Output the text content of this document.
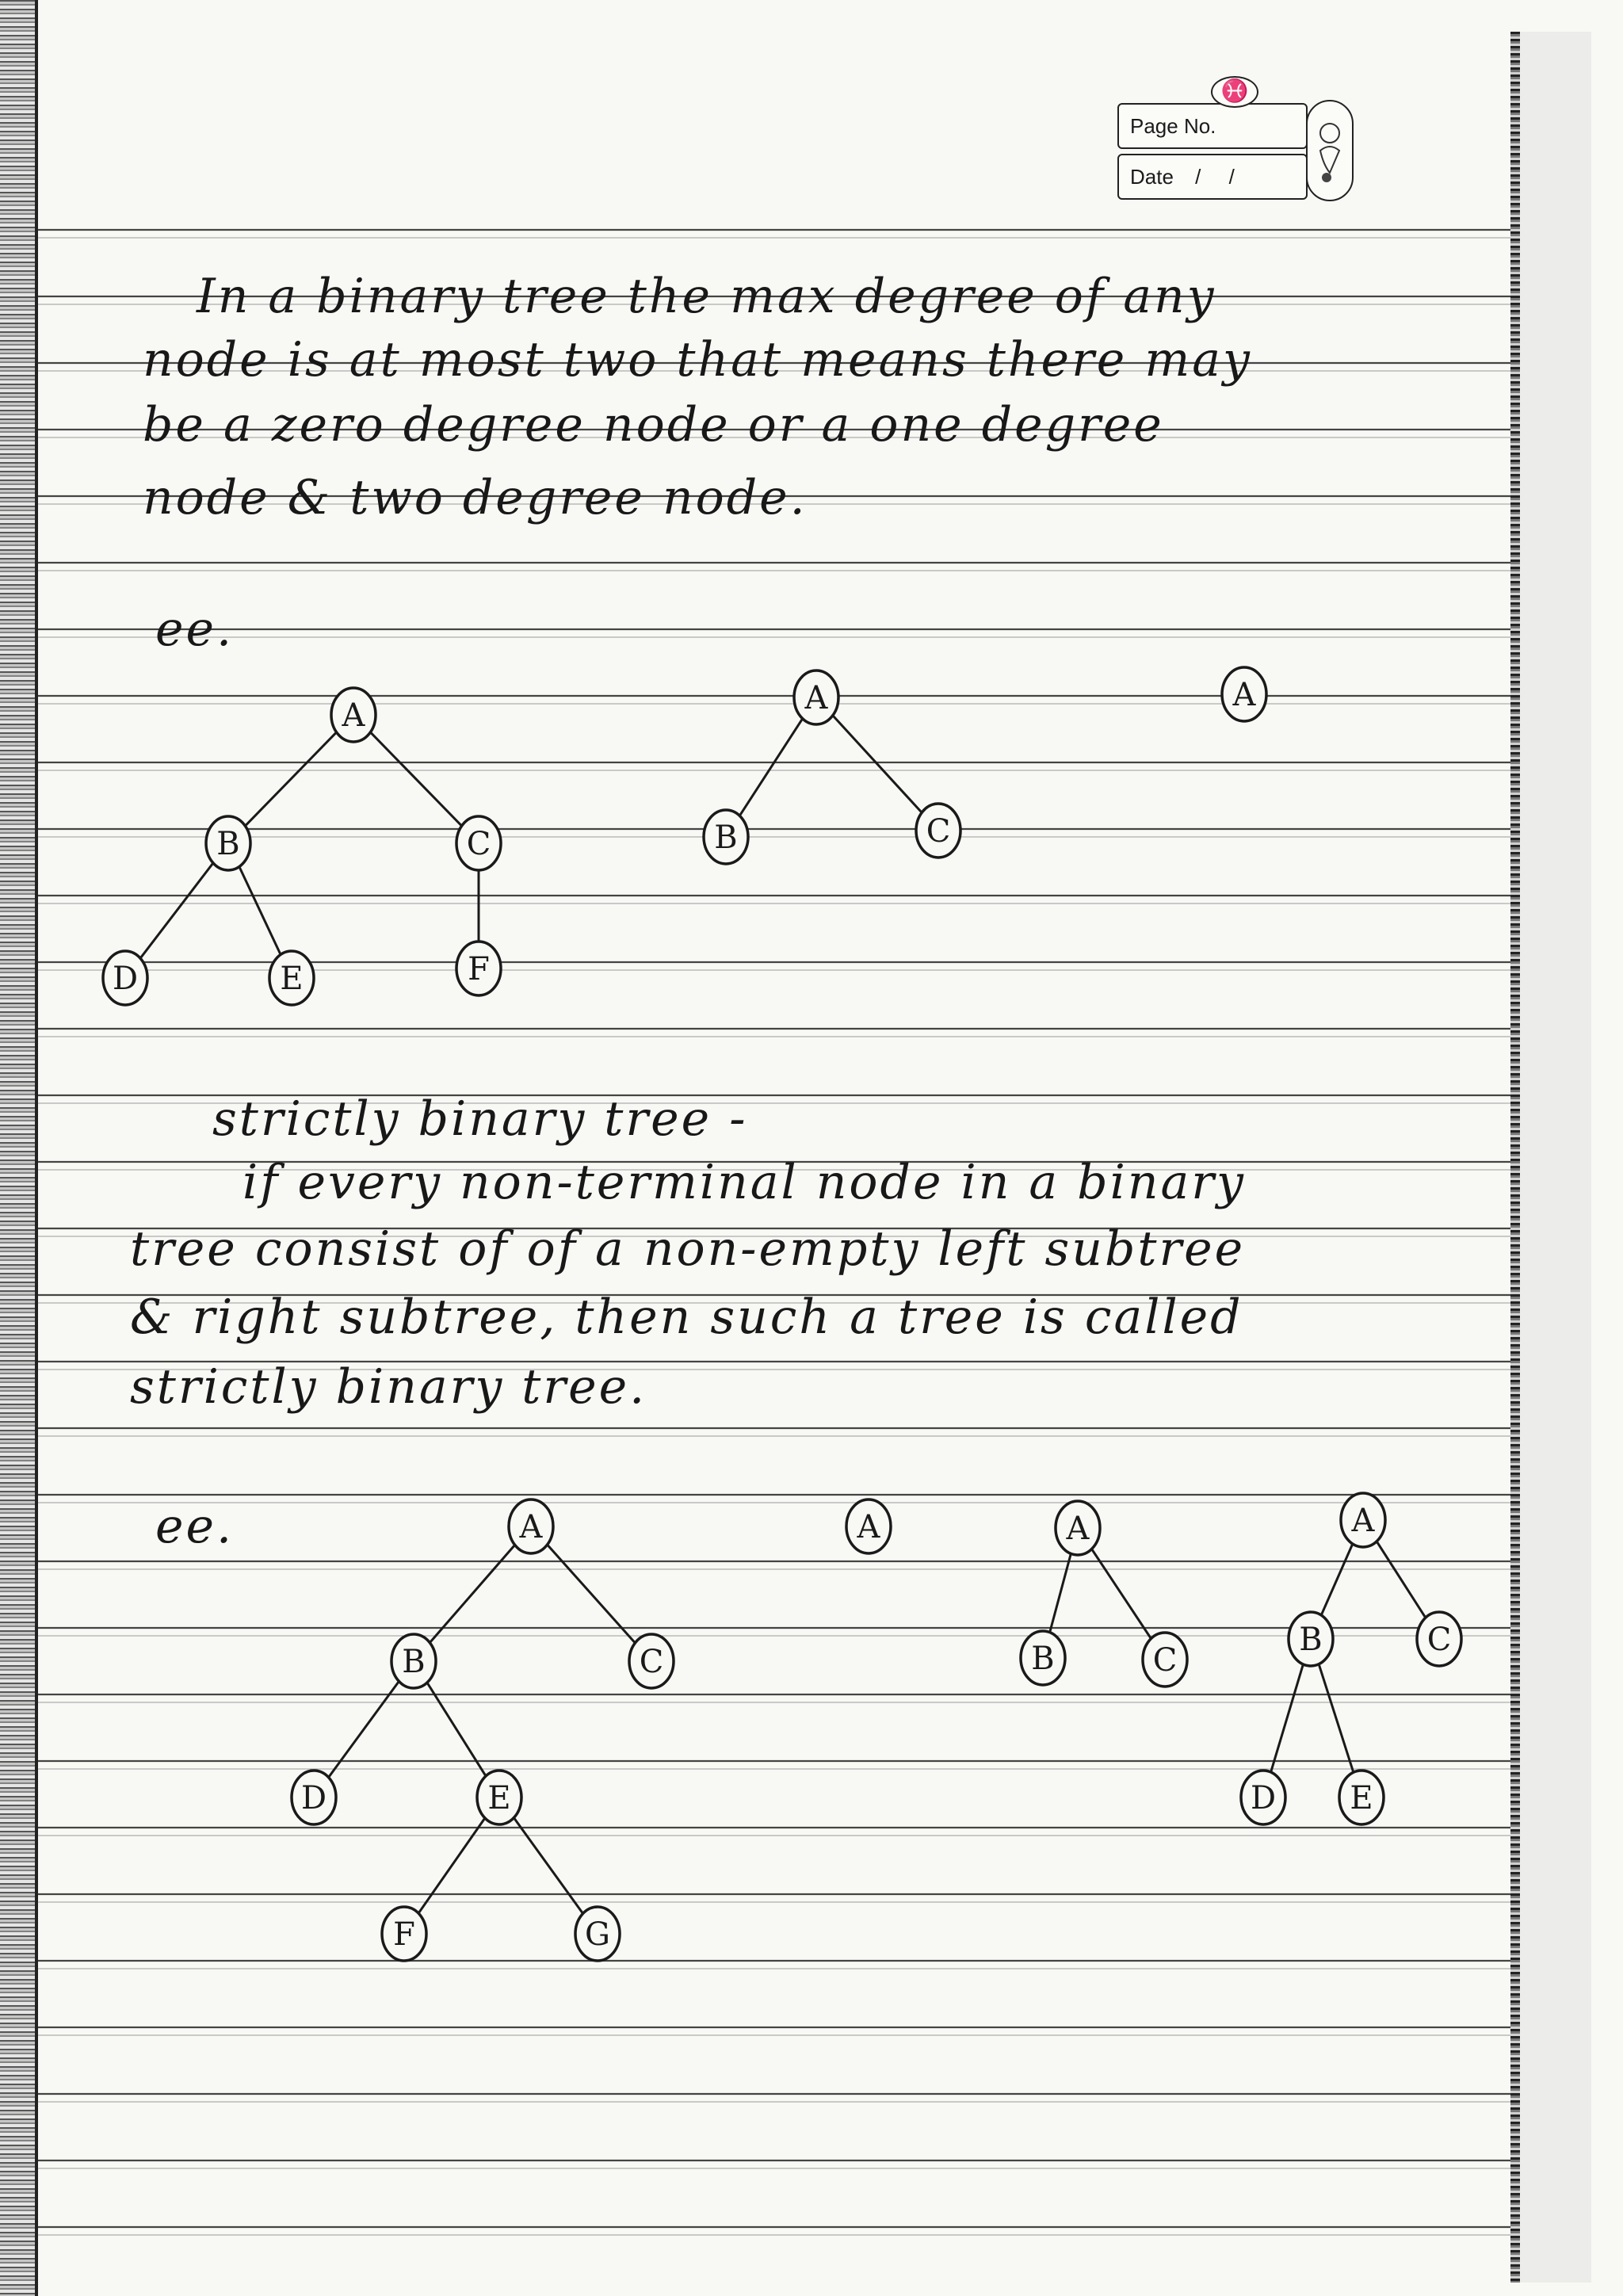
Page No.
♓
Date / /
In a binary tree the max degree of any
node is at most two that means there may
be a zero degree node or a one degree
node & two degree node.
ee.
strictly binary tree -
if every non-terminal node in a binary
tree consist of of a non-empty left subtree
& right subtree, then such a tree is called
strictly binary tree.
ee.
A
B	C
D	E	F
A
B	C
A
A
B	C
D	E
F	G
A	A
B	C
A
B	C
D E
